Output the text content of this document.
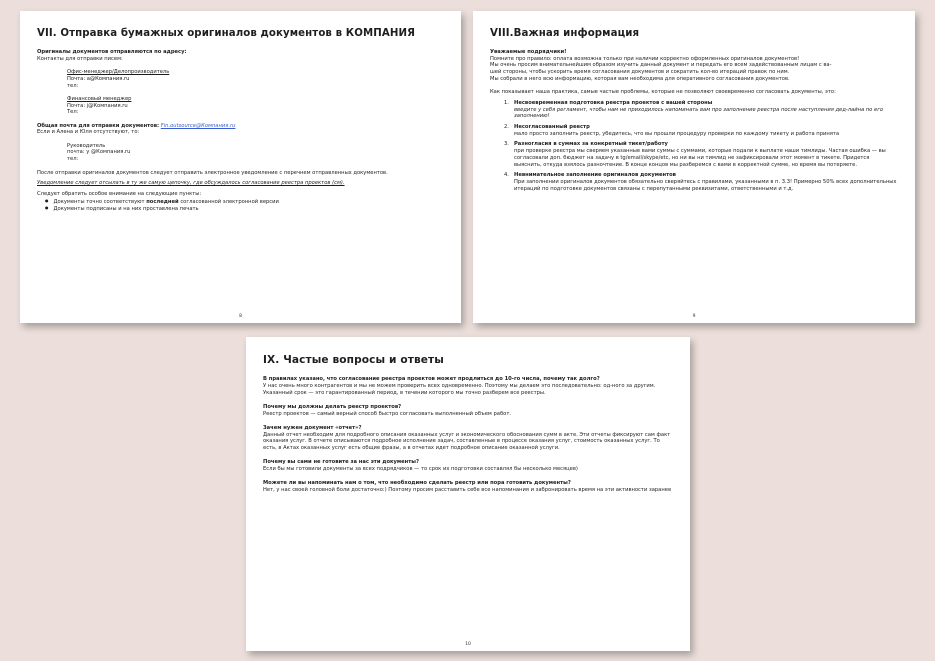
VII. Отправка бумажных оригиналов документов в КОМПАНИЯ

Оригиналы документов отправляются по адресу:

Контакты для отправки писем:

Офис-менеджер/Делопроизводитель

Почта: a@Компания.ru

тел:

Финансовый менеджер

Почта: j@Компания.ru

Тел:

Общая почта для отправки документов: Fin.outsource@Компания.ru

Если и Алена и Юля отсутствуют, то:

Руководитель

почта: y @Компания.ru

тел:

После отправки оригиналов документов следует отправить электронное уведомление с перечнем отправленных документов.

Уведомление следует отсылать в ту же самую цепочку, где обсуждалось согласование реестра проектов (см).

Следует обратить особое внимание на следующие пункты:

● Документы точно соответствуют последней согласованной электронной версии
● Документы подписаны и на них проставлена печать
8
VIII.Важная информация

Уважаемые подрядчики!

Помните про правило: оплата возможна только при наличии корректно оформленных оригиналов документов!

Мы очень просим внимательнейшим образом изучить данный документ и передать его всем задействованным лицам с ва-

шей стороны, чтобы ускорить время согласования документов и сократить кол-во итераций правок по ним.

Мы собрали в него всю информацию, которая вам необходима для оперативного согласования документов.

Как показывает наша практика, самые частые проблемы, которые не позволяют своевременно согласовать документы, это:

1. Несвоевременная подготовка реестра проектов с вашей стороны
введите у себя регламент, чтобы нам не приходилось напоминать вам про заполнение реестра после наступления дед-лайна по его заполнению!
2. Несогласованный реестр
мало просто заполнить реестр, убедитесь, что вы прошли процедуру проверки по каждому тикету и работа принята
3. Разногласия в суммах за конкретный тикет/работу
при проверке реестра мы сверяем указанные вами суммы с суммами, которые подали к выплате наши тимлиды. Частая ошибка — вы согласовали доп. бюджет на задачу в tg/email/skype/etc, но ни вы ни тимлид не зафиксировали этот момент в тикете. Придется выяснить, откуда взялось разночтение. В конце концов мы разберемся с вами в корректной сумме, но время вы потеряете.
4. Невнимательное заполнение оригиналов документов
При заполнении оригиналов документов обязательно сверяйтесь с правилами, указанными в п. 3.3! Примерно 50% всех дополнительных итераций по подготовке документов связаны с перепутанными реквизитами, ответственными и т.д.
9
IX. Частые вопросы и ответы

В правилах указано, что согласование реестра проектов может продлиться до 10-го числа, почему так долго?

У нас очень много контрагентов и мы не можем проверить всех одновременно. Поэтому мы делаем это последовательно: од-ного за другим. Указанный срок — это гарантированный период, в течении которого мы точно разберем все реестры.

Почему мы должны делать реестр проектов?

Реестр проектов — самый верный способ быстро согласовать выполненный объем работ.

Зачем нужен документ «отчет»?

Данный отчет необходим для подробного описания оказанных услуг и экономического обоснования сумм в акте. Эти отчеты фиксируют сам факт оказания услуг. В отчете описываются подробное исполнение задач, составленные в процессе оказания услуг, стоимость оказанных услуг. То есть, в Актах оказанных услуг есть общие фразы, а в отчетах идет подробное описание оказанной услуги.

Почему вы сами не готовите за нас эти документы?

Если бы мы готовили документы за всех подрядчиков — то срок их подготовки составлял бы несколько месяцев)

Можете ли вы напоминать нам о том, что необходимо сделать реестр или пора готовить документы?

Нет, у нас своей головной боли достаточно:) Поэтому просим расставить себе все напоминания и забронировать время на эти активности заранее

10
